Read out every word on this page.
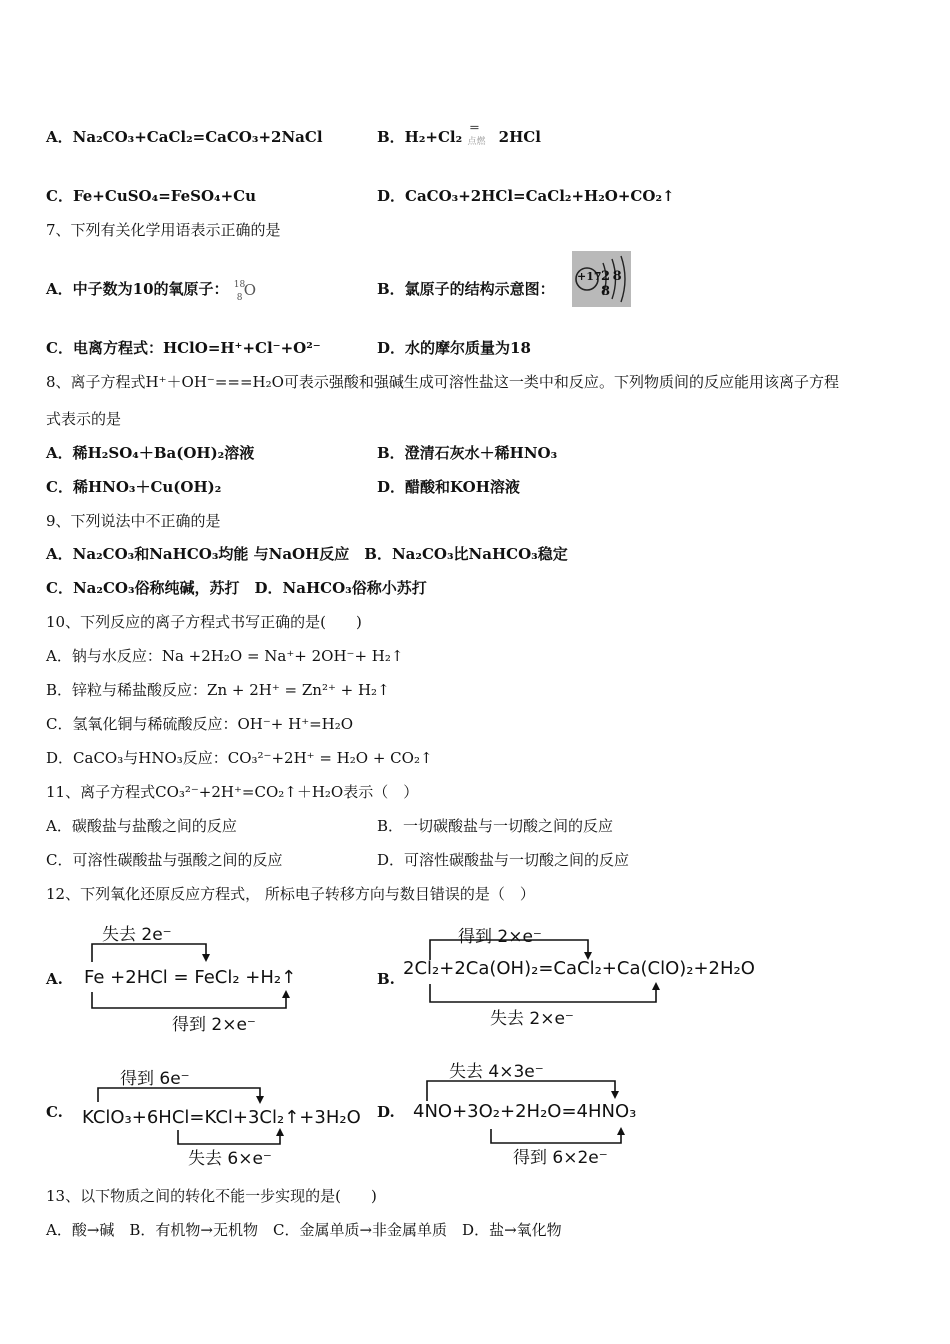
A．Na₂CO₃+CaCl₂=CaCO₃+2NaCl	B．H₂+Cl₂ ═
点燃 2HCl
C．Fe+CuSO₄=FeSO₄+Cu	D．CaCO₃+2HCl=CaCl₂+H₂O+CO₂↑
7、下列有关化学用语表示正确的是
A．中子数为10的氧原子： 18
8 O	B．氯原子的结构示意图：
+17 2 8 8
C．电离方程式：HClO=H⁺+Cl⁻+O²⁻	D．水的摩尔质量为18
8、离子方程式H⁺＋OH⁻===H₂O可表示强酸和强碱生成可溶性盐这一类中和反应。下列物质间的反应能用该离子方程
式表示的是
A．稀H₂SO₄＋Ba(OH)₂溶液	B．澄清石灰水＋稀HNO₃
C．稀HNO₃＋Cu(OH)₂	D．醋酸和KOH溶液
9、下列说法中不正确的是
A．Na₂CO₃和NaHCO₃均能 与NaOH反应　B．Na₂CO₃比NaHCO₃稳定
C．Na₂CO₃俗称纯碱，苏打　D．NaHCO₃俗称小苏打
10、下列反应的离子方程式书写正确的是(　　)
A．钠与水反应：Na +2H₂O = Na⁺+ 2OH⁻+ H₂↑
B．锌粒与稀盐酸反应：Zn + 2H⁺ = Zn²⁺ + H₂↑
C．氢氧化铜与稀硫酸反应：OH⁻+ H⁺=H₂O
D．CaCO₃与HNO₃反应：CO₃²⁻+2H⁺ = H₂O + CO₂↑
11、离子方程式CO₃²⁻+2H⁺=CO₂↑＋H₂O表示（　）
A．碳酸盐与盐酸之间的反应	B．一切碳酸盐与一切酸之间的反应
C．可溶性碳酸盐与强酸之间的反应	D．可溶性碳酸盐与一切酸之间的反应
12、下列氧化还原反应方程式， 所标电子转移方向与数目错误的是（　）
A.
失去 2e⁻
Fe +2HCl = FeCl₂ +H₂↑
得到 2×e⁻
B.
得到 2×e⁻
2Cl₂+2Ca(OH)₂=CaCl₂+Ca(ClO)₂+2H₂O
失去 2×e⁻
C.
得到 6e⁻
KClO₃+6HCl=KCl+3Cl₂↑+3H₂O
失去 6×e⁻
D.
失去 4×3e⁻
4NO+3O₂+2H₂O=4HNO₃
得到 6×2e⁻
13、以下物质之间的转化不能一步实现的是(　　)
A．酸→碱　B．有机物→无机物　C．金属单质→非金属单质　D．盐→氧化物
